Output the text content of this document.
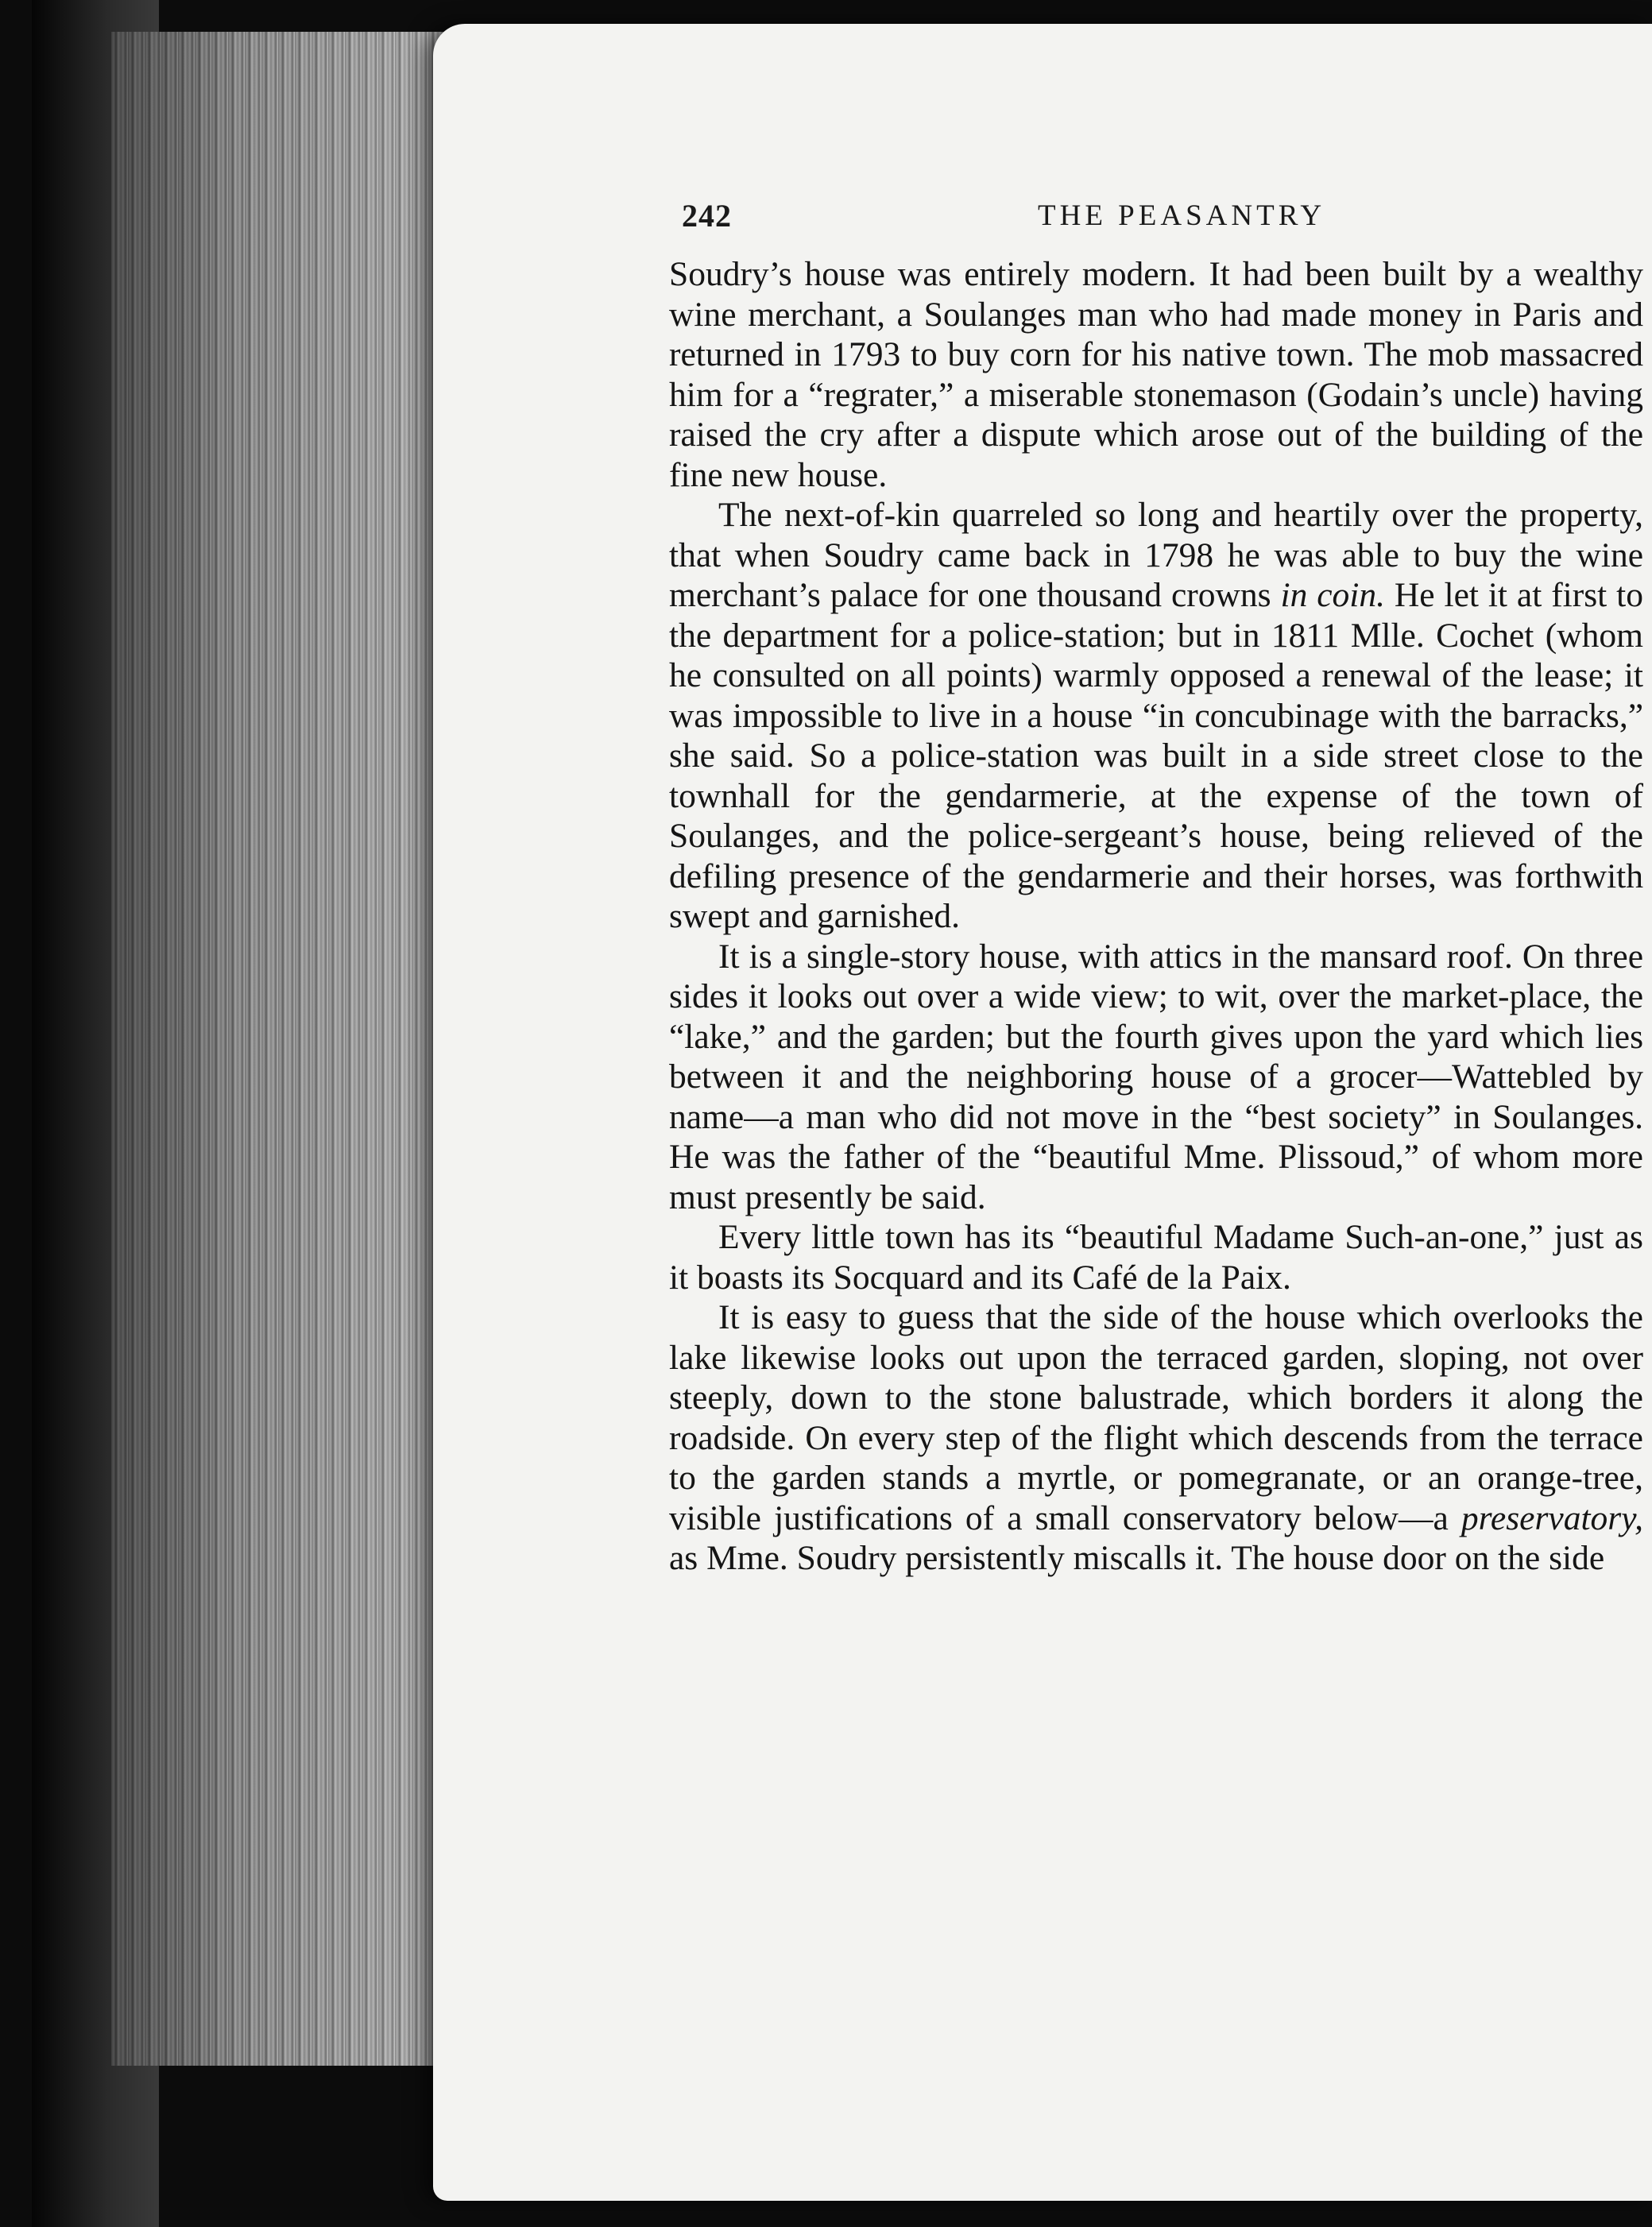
242	THE PEASANTRY

Soudry’s house was entirely modern. It had been built by a wealthy wine merchant, a Soulanges man who had made money in Paris and returned in 1793 to buy corn for his native town. The mob massacred him for a “regrater,” a miserable stonemason (Godain’s uncle) having raised the cry after a dispute which arose out of the building of the fine new house.

The next-of-kin quarreled so long and heartily over the property, that when Soudry came back in 1798 he was able to buy the wine merchant’s palace for one thousand crowns in coin. He let it at first to the department for a police-station; but in 1811 Mlle. Cochet (whom he consulted on all points) warmly opposed a renewal of the lease; it was impossible to live in a house “in concubinage with the barracks,” she said. So a police-station was built in a side street close to the townhall for the gendarmerie, at the expense of the town of Soulanges, and the police-sergeant’s house, being relieved of the defiling presence of the gendarmerie and their horses, was forthwith swept and garnished.

It is a single-story house, with attics in the mansard roof. On three sides it looks out over a wide view; to wit, over the market-place, the “lake,” and the garden; but the fourth gives upon the yard which lies between it and the neighboring house of a grocer—Wattebled by name—a man who did not move in the “best society” in Soulanges. He was the father of the “beautiful Mme. Plissoud,” of whom more must presently be said.

Every little town has its “beautiful Madame Such-an-one,” just as it boasts its Socquard and its Café de la Paix.

It is easy to guess that the side of the house which overlooks the lake likewise looks out upon the terraced garden, sloping, not over steeply, down to the stone balustrade, which borders it along the roadside. On every step of the flight which descends from the terrace to the garden stands a myrtle, or pomegranate, or an orange-tree, visible justifications of a small conservatory below—a preservatory, as Mme. Soudry persistently miscalls it. The house door on the side
